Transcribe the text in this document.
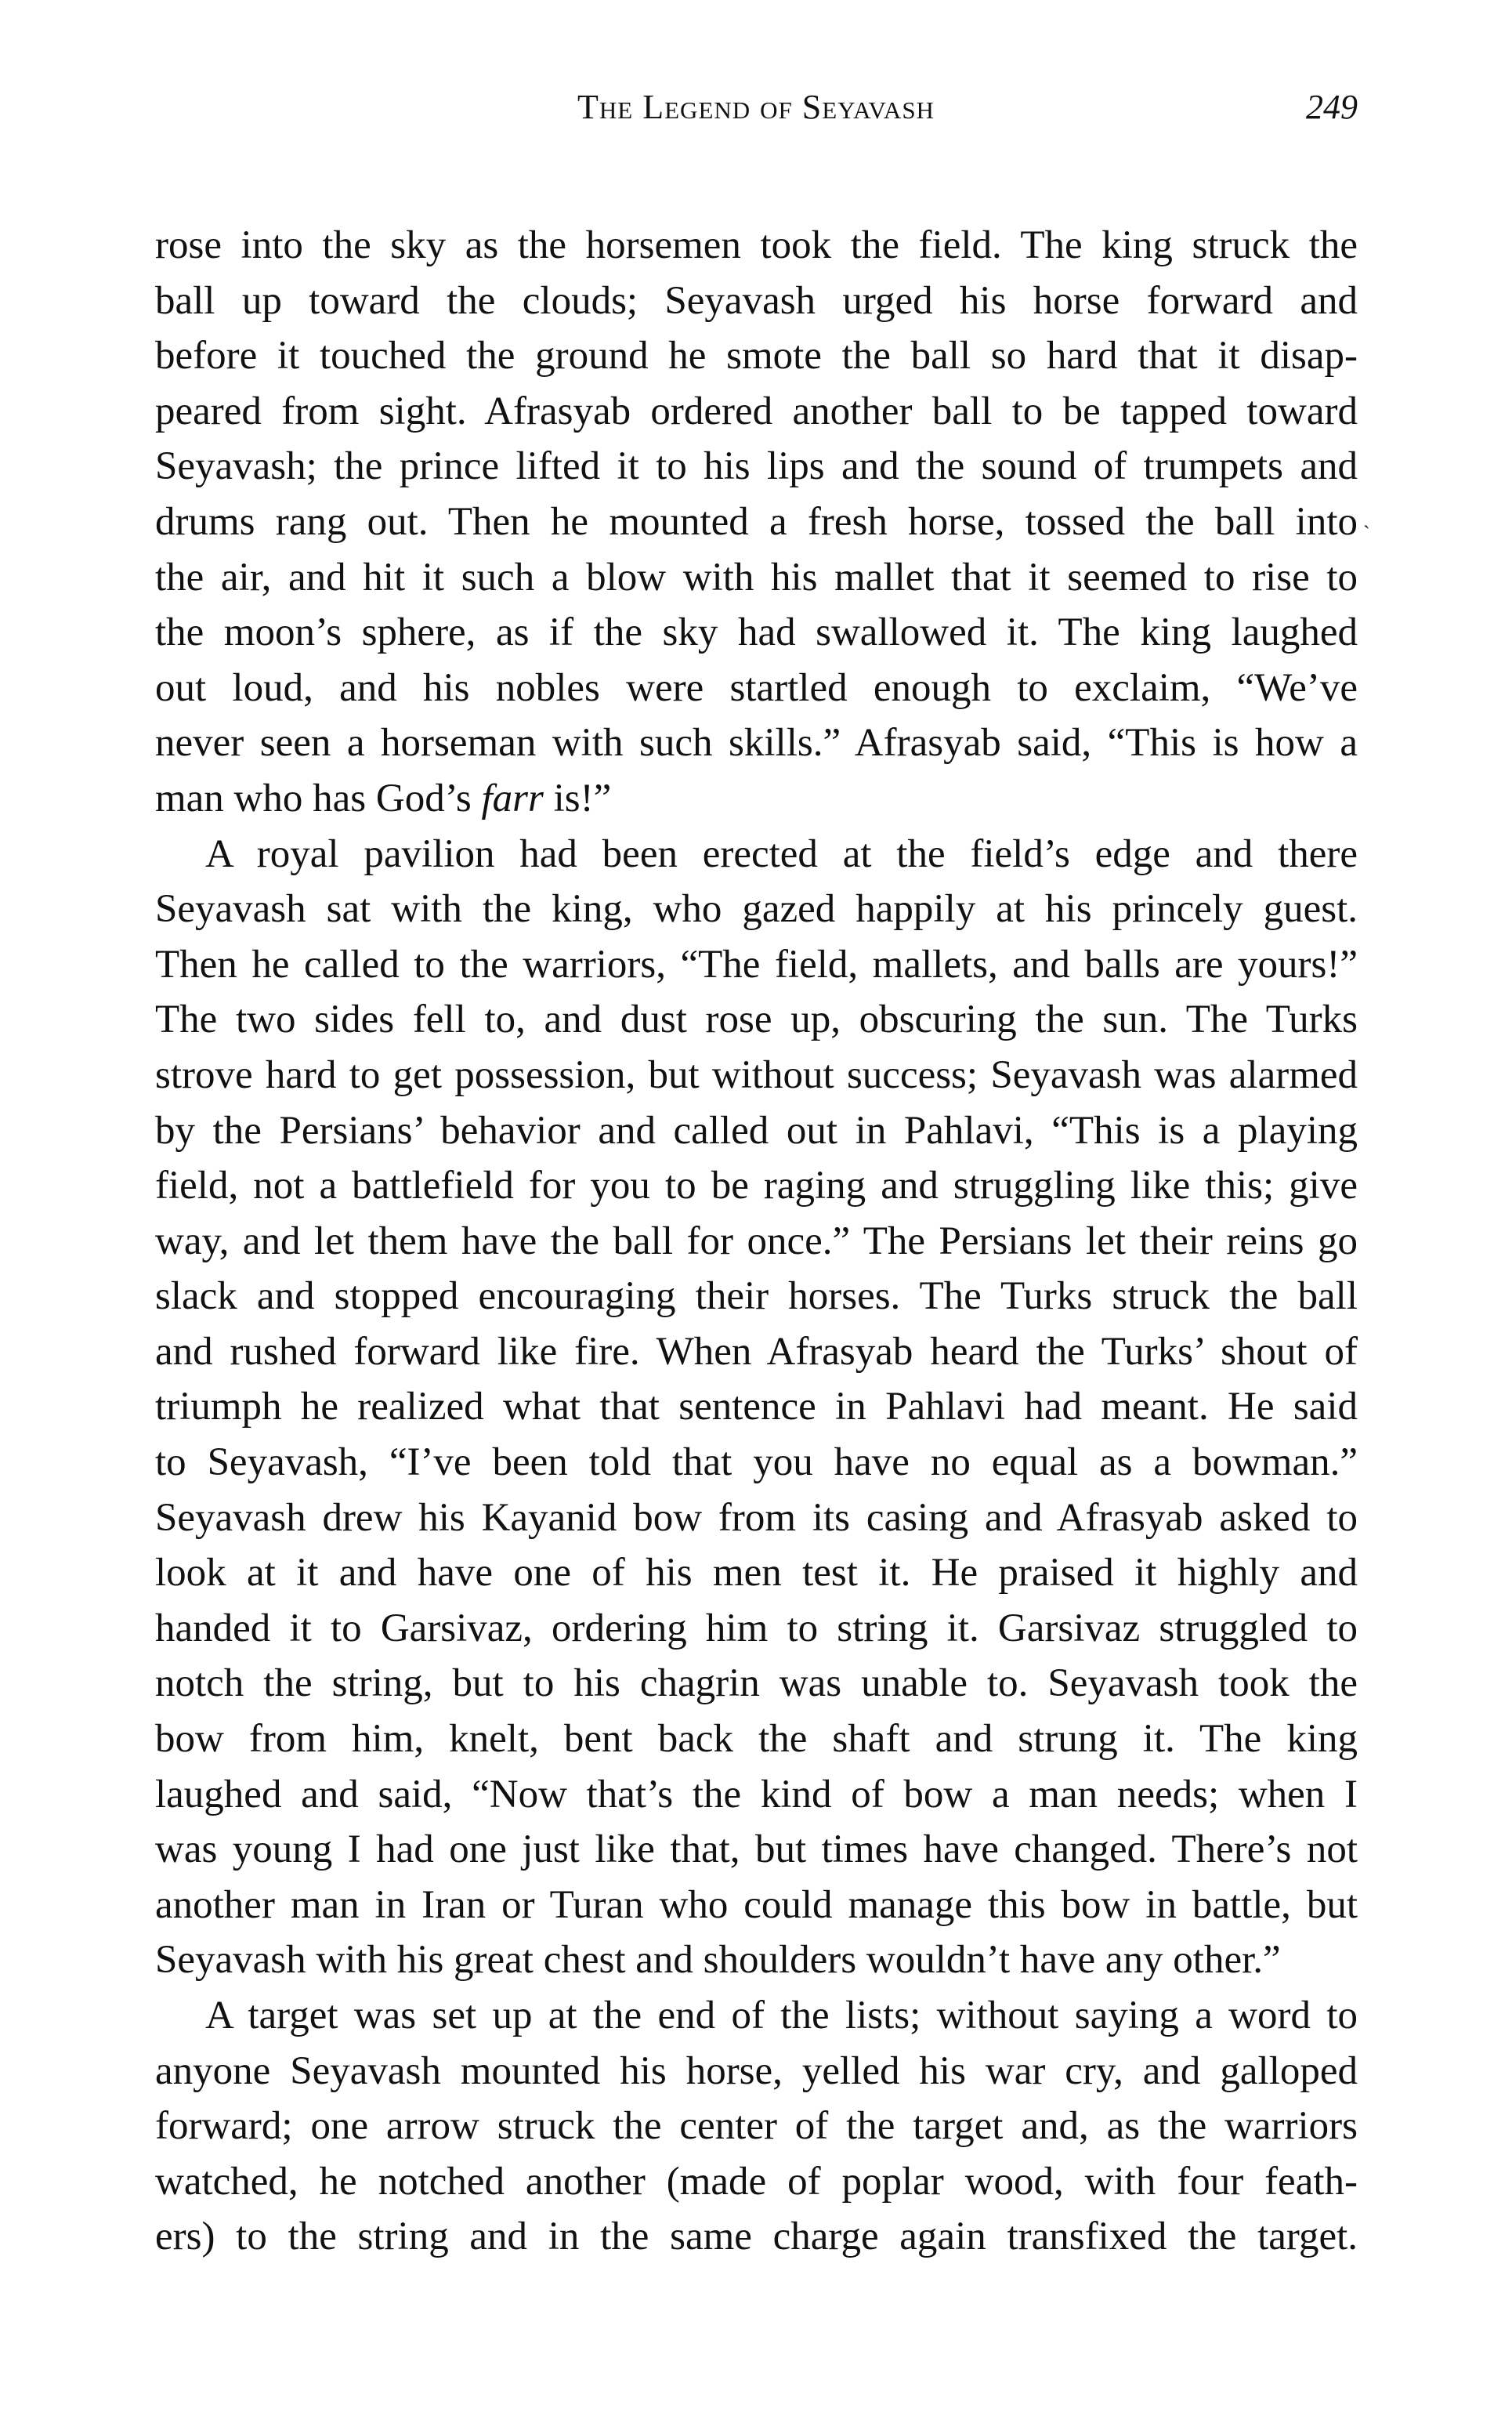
The Legend of Seyavash	249
`
rose into the sky as the horsemen took the field. The king struck the
ball up toward the clouds; Seyavash urged his horse forward and
before it touched the ground he smote the ball so hard that it disap-
peared from sight. Afrasyab ordered another ball to be tapped toward
Seyavash; the prince lifted it to his lips and the sound of trumpets and
drums rang out. Then he mounted a fresh horse, tossed the ball into
the air, and hit it such a blow with his mallet that it seemed to rise to
the moon’s sphere, as if the sky had swallowed it. The king laughed
out loud, and his nobles were startled enough to exclaim, “We’ve
never seen a horseman with such skills.” Afrasyab said, “This is how a
man who has God’s farr is!”
A royal pavilion had been erected at the field’s edge and there
Seyavash sat with the king, who gazed happily at his princely guest.
Then he called to the warriors, “The field, mallets, and balls are yours!”
The two sides fell to, and dust rose up, obscuring the sun. The Turks
strove hard to get possession, but without success; Seyavash was alarmed
by the Persians’ behavior and called out in Pahlavi, “This is a playing
field, not a battlefield for you to be raging and struggling like this; give
way, and let them have the ball for once.” The Persians let their reins go
slack and stopped encouraging their horses. The Turks struck the ball
and rushed forward like fire. When Afrasyab heard the Turks’ shout of
triumph he realized what that sentence in Pahlavi had meant. He said
to Seyavash, “I’ve been told that you have no equal as a bowman.”
Seyavash drew his Kayanid bow from its casing and Afrasyab asked to
look at it and have one of his men test it. He praised it highly and
handed it to Garsivaz, ordering him to string it. Garsivaz struggled to
notch the string, but to his chagrin was unable to. Seyavash took the
bow from him, knelt, bent back the shaft and strung it. The king
laughed and said, “Now that’s the kind of bow a man needs; when I
was young I had one just like that, but times have changed. There’s not
another man in Iran or Turan who could manage this bow in battle, but
Seyavash with his great chest and shoulders wouldn’t have any other.”
A target was set up at the end of the lists; without saying a word to
anyone Seyavash mounted his horse, yelled his war cry, and galloped
forward; one arrow struck the center of the target and, as the warriors
watched, he notched another (made of poplar wood, with four feath-
ers) to the string and in the same charge again transfixed the target.
